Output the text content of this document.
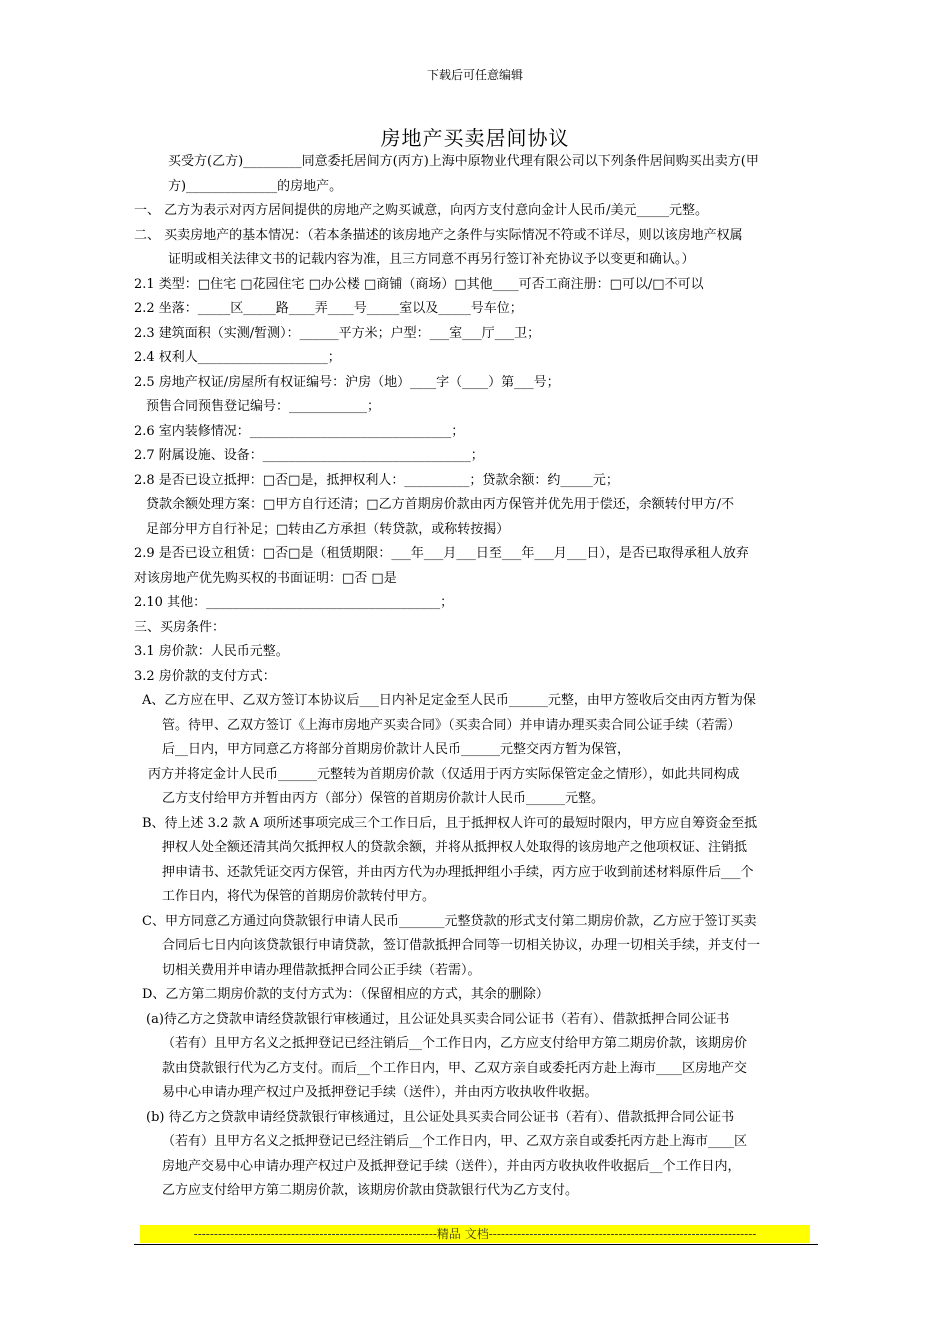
下载后可任意编辑
房地产买卖居间协议
买受方(乙方)_________同意委托居间方(丙方)上海中原物业代理有限公司以下列条件居间购买出卖方(甲
方)______________的房地产。
一、 乙方为表示对丙方居间提供的房地产之购买诚意，向丙方支付意向金计人民币/美元_____元整。
二、 买卖房地产的基本情况：（若本条描述的该房地产之条件与实际情况不符或不详尽，则以该房地产权属
证明或相关法律文书的记载内容为准，且三方同意不再另行签订补充协议予以变更和确认。）
2.1 类型：□住宅 □花园住宅 □办公楼 □商铺（商场）□其他____可否工商注册：□可以/□不可以
2.2 坐落：_____区_____路____弄____号_____室以及_____号车位；
2.3 建筑面积（实测/暂测）：______平方米；户型：___室___厅___卫；
2.4 权利人____________________；
2.5 房地产权证/房屋所有权证编号：沪房（地）____字（____）第___号；
预售合同预售登记编号：____________；
2.6 室内装修情况：_______________________________；
2.7 附属设施、设备：________________________________；
2.8 是否已设立抵押：□否□是，抵押权利人：__________；贷款余额：约_____元；
贷款余额处理方案：□甲方自行还清；□乙方首期房价款由丙方保管并优先用于偿还，余额转付甲方/不
足部分甲方自行补足；□转由乙方承担（转贷款，或称转按揭）
2.9 是否已设立租赁：□否□是（租赁期限：___年___月___日至___年___月___日），是否已取得承租人放弃
对该房地产优先购买权的书面证明：□否 □是
2.10 其他：____________________________________；
三、买房条件：
3.1 房价款：人民币元整。
3.2 房价款的支付方式：
A、乙方应在甲、乙双方签订本协议后___日内补足定金至人民币______元整，由甲方签收后交由丙方暂为保
管。待甲、乙双方签订《上海市房地产买卖合同》（买卖合同）并申请办理买卖合同公证手续（若需）
后__日内，甲方同意乙方将部分首期房价款计人民币______元整交丙方暂为保管，
丙方并将定金计人民币______元整转为首期房价款（仅适用于丙方实际保管定金之情形），如此共同构成
乙方支付给甲方并暂由丙方（部分）保管的首期房价款计人民币______元整。
B、待上述 3.2 款 A 项所述事项完成三个工作日后，且于抵押权人许可的最短时限内，甲方应自筹资金至抵
押权人处全额还清其尚欠抵押权人的贷款余额，并将从抵押权人处取得的该房地产之他项权证、注销抵
押申请书、还款凭证交丙方保管，并由丙方代为办理抵押组小手续，丙方应于收到前述材料原件后___个
工作日内，将代为保管的首期房价款转付甲方。
C、甲方同意乙方通过向贷款银行申请人民币_______元整贷款的形式支付第二期房价款，乙方应于签订买卖
合同后七日内向该贷款银行申请贷款，签订借款抵押合同等一切相关协议，办理一切相关手续，并支付一
切相关费用并申请办理借款抵押合同公正手续（若需）。
D、乙方第二期房价款的支付方式为：（保留相应的方式，其余的删除）
(a)待乙方之贷款申请经贷款银行审核通过，且公证处具买卖合同公证书（若有）、借款抵押合同公证书
（若有）且甲方名义之抵押登记已经注销后__个工作日内，乙方应支付给甲方第二期房价款，该期房价
款由贷款银行代为乙方支付。而后__个工作日内，甲、乙双方亲自或委托丙方赴上海市____区房地产交
易中心申请办理产权过户及抵押登记手续（送件），并由丙方收执收件收据。
(b) 待乙方之贷款申请经贷款银行审核通过，且公证处具买卖合同公证书（若有）、借款抵押合同公证书
（若有）且甲方名义之抵押登记已经注销后__个工作日内，甲、乙双方亲自或委托丙方赴上海市____区
房地产交易中心申请办理产权过户及抵押登记手续（送件），并由丙方收执收件收据后__个工作日内，
乙方应支付给甲方第二期房价款，该期房价款由贷款银行代为乙方支付。
------------------------------------------------------------精品 文档------------------------------------------------------------------
